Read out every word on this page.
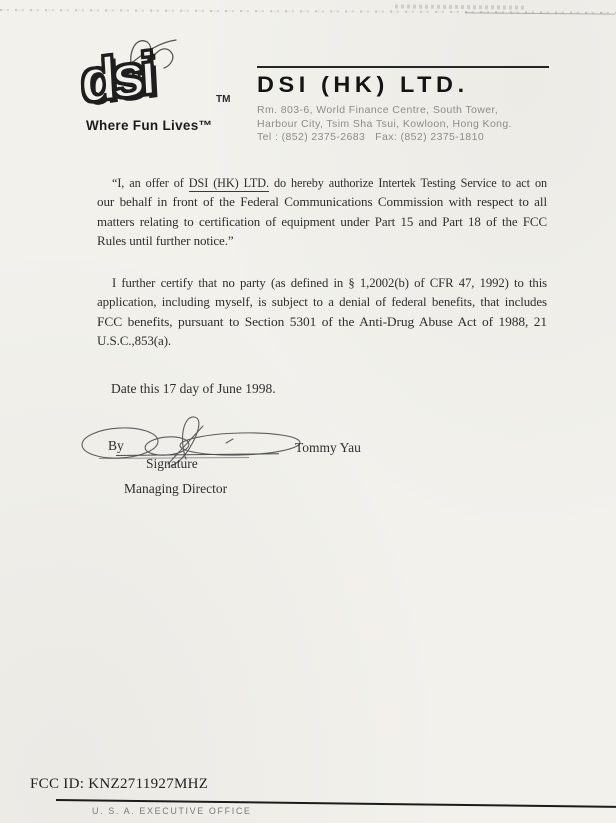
dsi	TM
Where Fun Lives™
DSI (HK) LTD.
Rm. 803-6, World Finance Centre, South Tower,
Harbour City, Tsim Sha Tsui, Kowloon, Hong Kong.
Tel : (852) 2375-2683   Fax: (852) 2375-1810
“I, an offer of DSI (HK) LTD. do hereby authorize Intertek Testing Service to act on
our behalf in front of the Federal Communications Commission with respect to all
matters relating to certification of equipment under Part 15 and Part 18 of the FCC
Rules until further notice.”
I further certify that no party (as defined in § 1,2002(b) of CFR 47, 1992) to this
application, including myself, is subject to a denial of federal benefits, that includes
FCC benefits, pursuant to Section 5301 of the Anti-Drug Abuse Act of 1988, 21
U.S.C.,853(a).
Date this 17 day of June 1998.
By	Tommy Yau
Signature
Managing Director
FCC ID: KNZ2711927MHZ
U. S. A. EXECUTIVE OFFICE
